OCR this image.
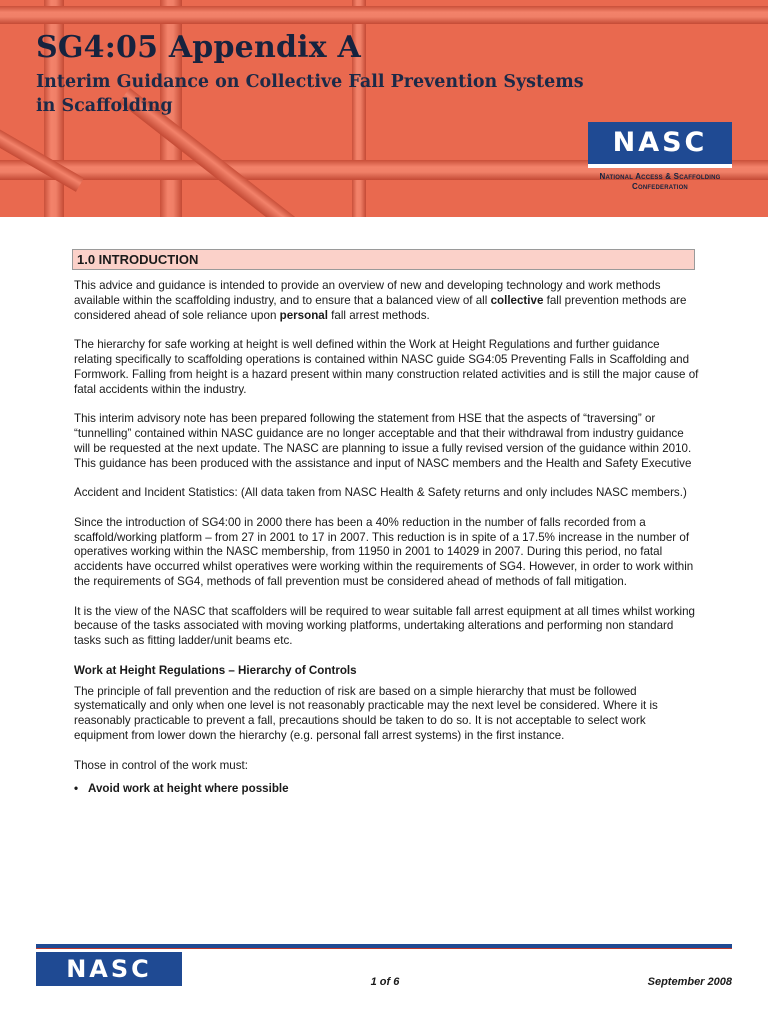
SG4:05 Appendix A
Interim Guidance on Collective Fall Prevention Systems
in Scaffolding
NASC
National Access & Scaffolding
Confederation
1.0 INTRODUCTION

This advice and guidance is intended to provide an overview of new and developing technology and work methods available within the scaffolding industry, and to ensure that a balanced view of all collective fall prevention methods are considered ahead of sole reliance upon personal fall arrest methods.

The hierarchy for safe working at height is well defined within the Work at Height Regulations and further guidance relating specifically to scaffolding operations is contained within NASC guide SG4:05 Preventing Falls in Scaffolding and Formwork. Falling from height is a hazard present within many construction related activities and is still the major cause of fatal accidents within the industry.

This interim advisory note has been prepared following the statement from HSE that the aspects of “traversing” or “tunnelling” contained within NASC guidance are no longer acceptable and that their withdrawal from industry guidance will be requested at the next update. The NASC are planning to issue a fully revised version of the guidance within 2010. This guidance has been produced with the assistance and input of NASC members and the Health and Safety Executive

Accident and Incident Statistics: (All data taken from NASC Health & Safety returns and only includes NASC members.)

Since the introduction of SG4:00 in 2000 there has been a 40% reduction in the number of falls recorded from a scaffold/working platform – from 27 in 2001 to 17 in 2007. This reduction is in spite of a 17.5% increase in the number of operatives working within the NASC membership, from 11950 in 2001 to 14029 in 2007. During this period, no fatal accidents have occurred whilst operatives were working within the requirements of SG4. However, in order to work within the requirements of SG4, methods of fall prevention must be considered ahead of methods of fall mitigation.

It is the view of the NASC that scaffolders will be required to wear suitable fall arrest equipment at all times whilst working because of the tasks associated with moving working platforms, undertaking alterations and performing non standard tasks such as fitting ladder/unit beams etc.

Work at Height Regulations – Hierarchy of Controls

The principle of fall prevention and the reduction of risk are based on a simple hierarchy that must be followed systematically and only when one level is not reasonably practicable may the next level be considered. Where it is reasonably practicable to prevent a fall, precautions should be taken to do so. It is not acceptable to select work equipment from lower down the hierarchy (e.g. personal fall arrest systems) in the first instance.

Those in control of the work must:

• Avoid work at height where possible

NASC	1 of 6	September 2008
